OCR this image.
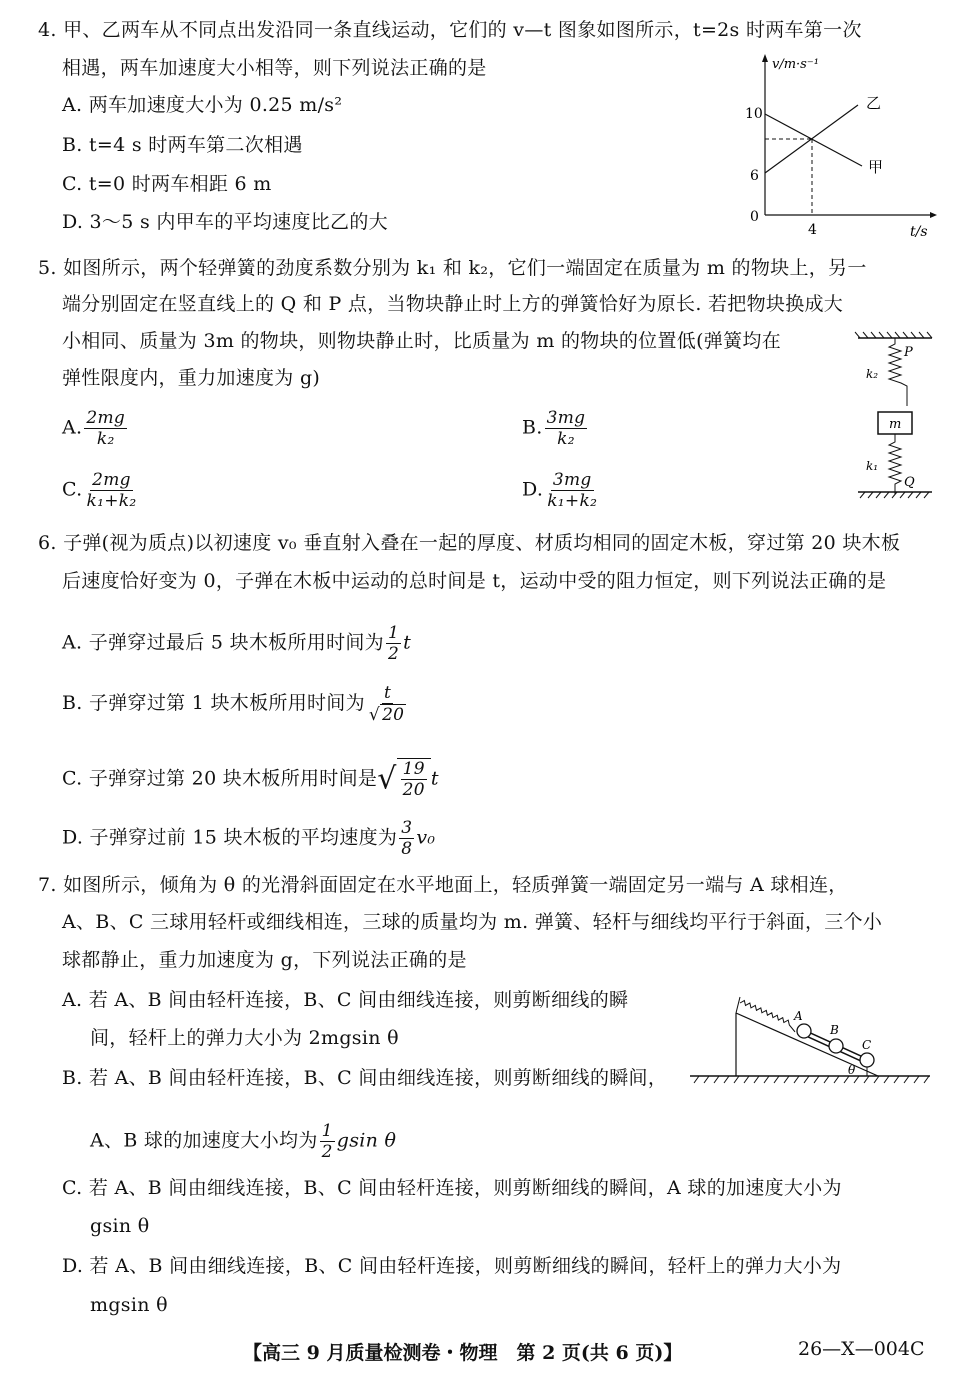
4. 甲、乙两车从不同点出发沿同一条直线运动，它们的 v—t 图象如图所示，t=2s 时两车第一次
相遇，两车加速度大小相等，则下列说法正确的是
A. 两车加速度大小为 0.25 m/s²
B. t=4 s 时两车第二次相遇
C. t=0 时两车相距 6 m
D. 3～5 s 内甲车的平均速度比乙的大
v/m·s⁻¹
t/s
10
6
0
4
甲
乙
5. 如图所示，两个轻弹簧的劲度系数分别为 k₁ 和 k₂，它们一端固定在质量为 m 的物块上，另一
端分别固定在竖直线上的 Q 和 P 点，当物块静止时上方的弹簧恰好为原长. 若把物块换成大
小相同、质量为 3m 的物块，则物块静止时，比质量为 m 的物块的位置低(弹簧均在
弹性限度内，重力加速度为 g)
A. $\frac{2mg}{\text{k₂}}$	B. $\frac{3mg}{\text{k₂}}$
C. $\frac{2mg}{\text{k₁+k₂}}$	D. $\frac{3mg}{\text{k₁+k₂}}$
m
P
k₂
k₁
Q
6. 子弹(视为质点)以初速度 v₀ 垂直射入叠在一起的厚度、材质均相同的固定木板，穿过第 20 块木板
后速度恰好变为 0，子弹在木板中运动的总时间是 t，运动中受的阻力恒定，则下列说法正确的是
A. 子弹穿过最后 5 块木板所用时间为 $\frac{1}{2}$ t
B. 子弹穿过第 1 块木板所用时间为 $\frac{t}{√ 20}$
C. 子弹穿过第 20 块木板所用时间是√ $\frac{19}{20}$ t
D. 子弹穿过前 15 块木板的平均速度为 $\frac{3}{8} v_0$
7. 如图所示，倾角为 θ 的光滑斜面固定在水平地面上，轻质弹簧一端固定另一端与 A 球相连，
A、B、C 三球用轻杆或细线相连，三球的质量均为 m. 弹簧、轻杆与细线均平行于斜面，三个小
球都静止，重力加速度为 g，下列说法正确的是
A. 若 A、B 间由轻杆连接，B、C 间由细线连接，则剪断细线的瞬
间，轻杆上的弹力大小为 2mgsin θ
B. 若 A、B 间由轻杆连接，B、C 间由细线连接，则剪断细线的瞬间，
A、B 球的加速度大小均为 $\frac{1}{2}$ gsin θ
C. 若 A、B 间由细线连接，B、C 间由轻杆连接，则剪断细线的瞬间，A 球的加速度大小为
gsin θ
D. 若 A、B 间由细线连接，B、C 间由轻杆连接，则剪断细线的瞬间，轻杆上的弹力大小为
mgsin θ
A
B
C
θ
【高三 9 月质量检测卷・物理　第 2 页(共 6 页)】	26—X—004C
